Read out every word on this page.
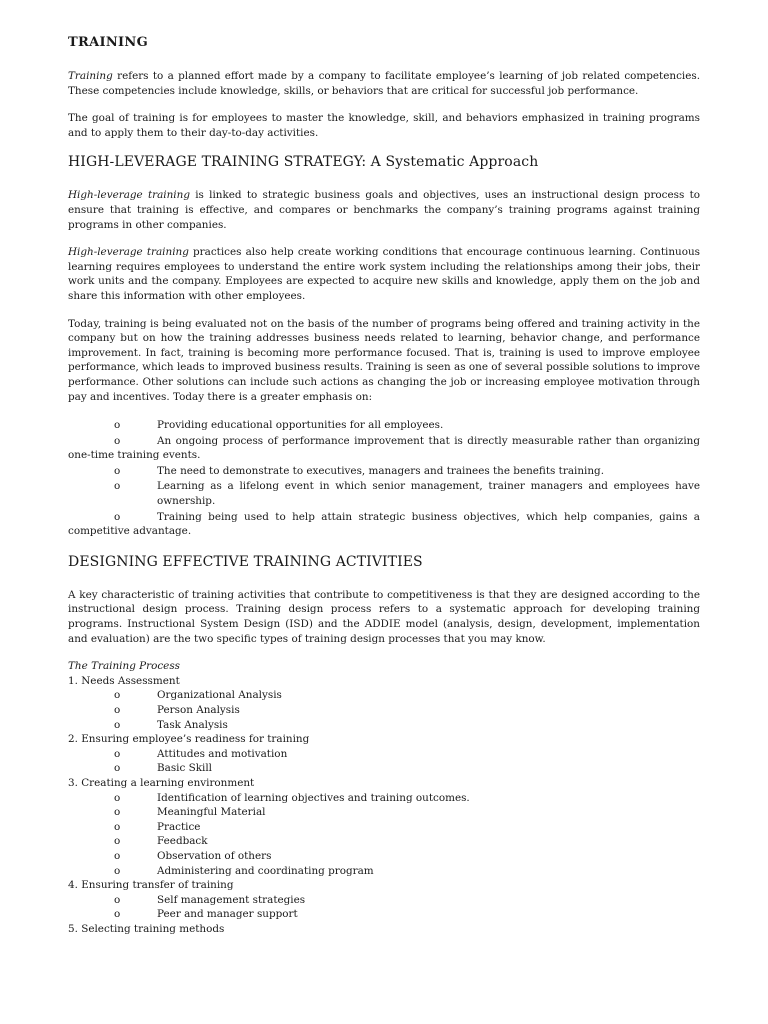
TRAINING

Training refers to a planned effort made by a company to facilitate employee’s learning of job related competencies. These competencies include knowledge, skills, or behaviors that are critical for successful job performance.

The goal of training is for employees to master the knowledge, skill, and behaviors emphasized in training programs and to apply them to their day-to-day activities.

HIGH-LEVERAGE TRAINING STRATEGY: A Systematic Approach

High-leverage training is linked to strategic business goals and objectives, uses an instructional design process to ensure that training is effective, and compares or benchmarks the company’s training programs against training programs in other companies.

High-leverage training practices also help create working conditions that encourage continuous learning. Continuous learning requires employees to understand the entire work system including the relationships among their jobs, their work units and the company. Employees are expected to acquire new skills and knowledge, apply them on the job and share this information with other employees.

Today, training is being evaluated not on the basis of the number of programs being offered and training activity in the company but on how the training addresses business needs related to learning, behavior change, and performance improvement. In fact, training is becoming more performance focused. That is, training is used to improve employee performance, which leads to improved business results. Training is seen as one of several possible solutions to improve performance. Other solutions can include such actions as changing the job or increasing employee motivation through pay and incentives. Today there is a greater emphasis on:

o	Providing educational opportunities for all employees.
o	An ongoing process of performance improvement that is directly measurable rather than organizing one-time training events.
o	The need to demonstrate to executives, managers and trainees the benefits training.
o	Learning as a lifelong event in which senior management, trainer managers and employees have ownership.
o	Training being used to help attain strategic business objectives, which help companies, gains a competitive advantage.
DESIGNING EFFECTIVE TRAINING ACTIVITIES

A key characteristic of training activities that contribute to competitiveness is that they are designed according to the instructional design process. Training design process refers to a systematic approach for developing training programs. Instructional System Design (ISD) and the ADDIE model (analysis, design, development, implementation and evaluation) are the two specific types of training design processes that you may know.

The Training Process
1. Needs Assessment
o	Organizational Analysis
o	Person Analysis
o	Task Analysis
2. Ensuring employee’s readiness for training
o	Attitudes and motivation
o	Basic Skill
3. Creating a learning environment
o	Identification of learning objectives and training outcomes.
o	Meaningful Material
o	Practice
o	Feedback
o	Observation of others
o	Administering and coordinating program
4. Ensuring transfer of training
o	Self management strategies
o	Peer and manager support
5. Selecting training methods
